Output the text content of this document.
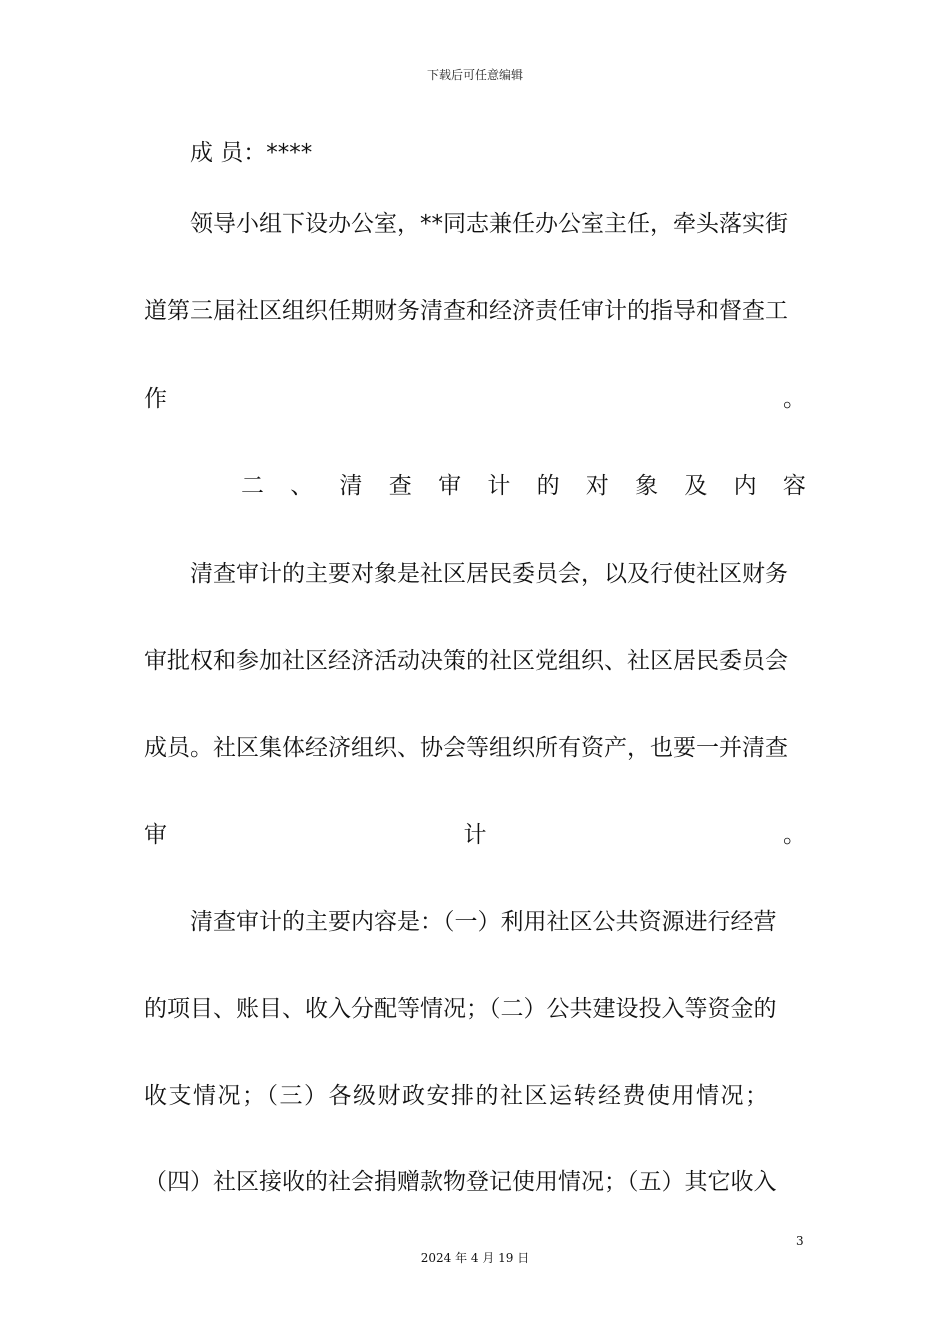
下载后可任意编辑
成 员：****
领导小组下设办公室，**同志兼任办公室主任，牵头落实街
道第三届社区组织任期财务清查和经济责任审计的指导和督查工
作	。
二 、 清 查 审 计 的 对 象 及 内 容
清查审计的主要对象是社区居民委员会，以及行使社区财务
审批权和参加社区经济活动决策的社区党组织、社区居民委员会
成员。社区集体经济组织、协会等组织所有资产，也要一并清查
审	计	。
清查审计的主要内容是：（一）利用社区公共资源进行经营
的项目、账目、收入分配等情况；（二）公共建设投入等资金的
收支情况；（三）各级财政安排的社区运转经费使用情况；
（四）社区接收的社会捐赠款物登记使用情况；（五）其它收入
3
2024 年 4 月 19 日
